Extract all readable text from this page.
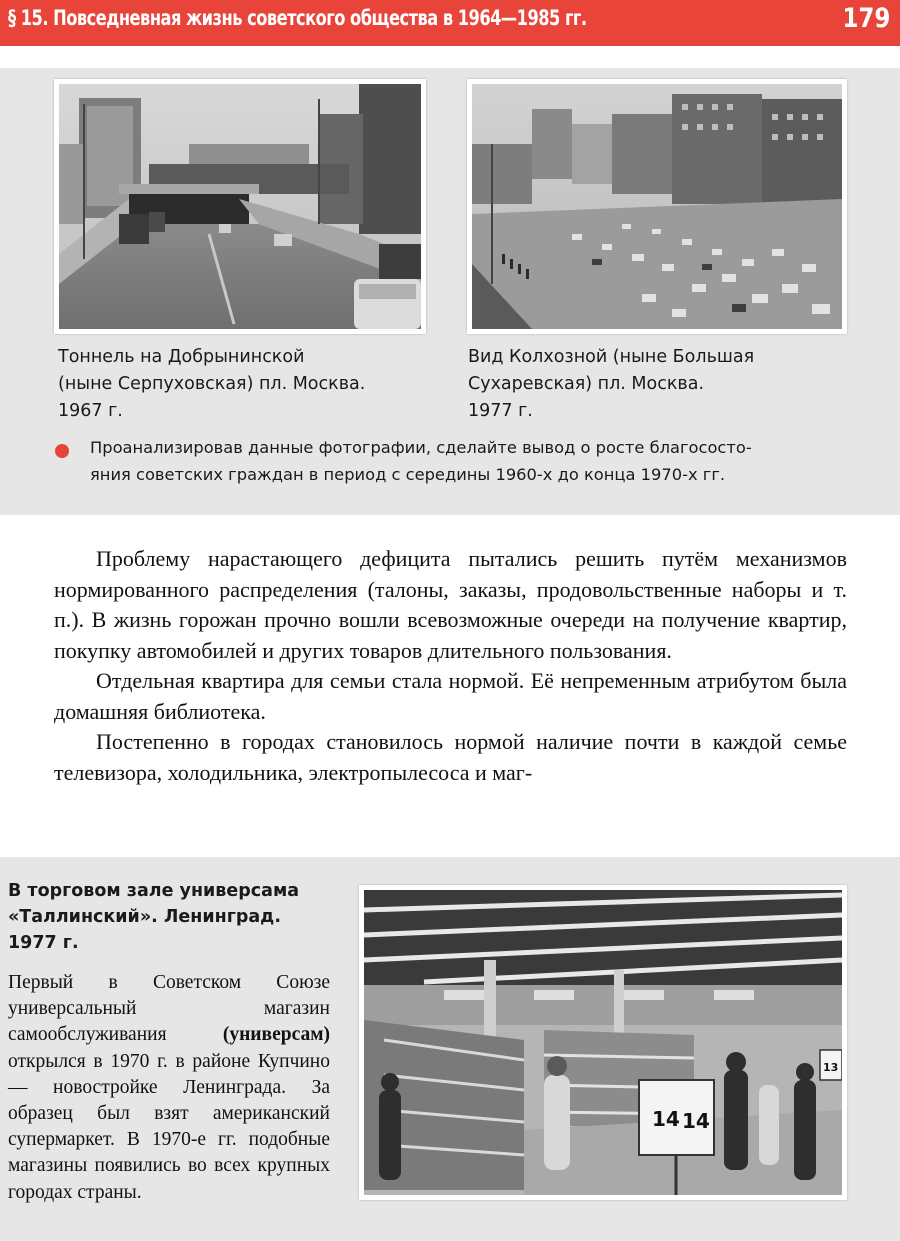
§ 15. Повседневная жизнь советского общества в 1964—1985 гг.	179
Тоннель на Добрынинской
(ныне Серпуховская) пл. Москва.
1967 г.
Вид Колхозной (ныне Большая
Сухаревская) пл. Москва.
1977 г.
Проанализировав данные фотографии, сделайте вывод о росте благососто-
яния советских граждан в период с середины 1960-х до конца 1970-х гг.

Проблему нарастающего дефицита пытались решить путём механизмов нормированного распределения (талоны, заказы, продовольственные наборы и т. п.). В жизнь горожан прочно вошли всевозможные очереди на получение квартир, покупку автомобилей и других товаров длительного пользования.

Отдельная квартира для семьи стала нормой. Её непременным атрибутом была домашняя библиотека.

Постепенно в городах становилось нормой наличие почти в каждой семье телевизора, холодильника, электропылесоса и маг-

В торговом зале универсама
«Таллинский». Ленинград.
1977 г.
Первый в Советском Союзе универсальный магазин самообслуживания (универсам) открылся в 1970 г. в районе Купчино — новостройке Ленинграда. За образец был взят американский супермаркет. В 1970-е гг. подобные магазины появились во всех крупных городах страны.
14 14
13
